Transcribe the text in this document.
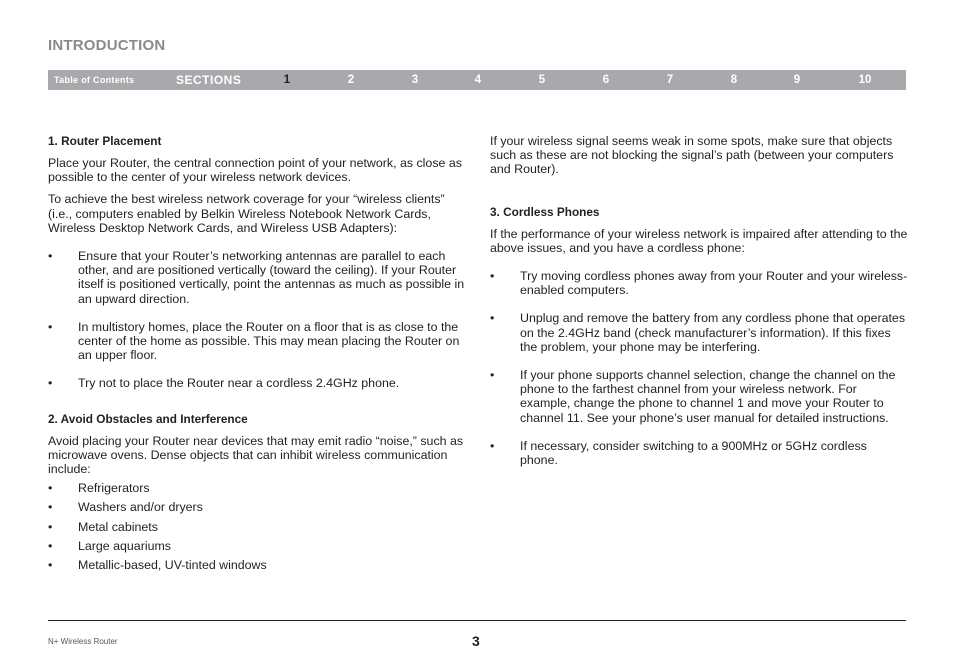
INTRODUCTION
Table of Contents	SECTIONS	1	2	3	4	5	6	7	8	9	10
1. Router Placement

Place your Router, the central connection point of your network, as close as possible to the center of your wireless network devices.

To achieve the best wireless network coverage for your “wireless clients” (i.e., computers enabled by Belkin Wireless Notebook Network Cards, Wireless Desktop Network Cards, and Wireless USB Adapters):

• Ensure that your Router’s networking antennas are parallel to each other, and are positioned vertically (toward the ceiling). If your Router itself is positioned vertically, point the antennas as much as possible in an upward direction.
• In multistory homes, place the Router on a floor that is as close to the center of the home as possible. This may mean placing the Router on an upper floor.
• Try not to place the Router near a cordless 2.4GHz phone.
2. Avoid Obstacles and Interference

Avoid placing your Router near devices that may emit radio “noise,” such as microwave ovens. Dense objects that can inhibit wireless communication include:

• Refrigerators
• Washers and/or dryers
• Metal cabinets
• Large aquariums
• Metallic-based, UV-tinted windows

If your wireless signal seems weak in some spots, make sure that objects such as these are not blocking the signal’s path (between your computers and Router).

3. Cordless Phones

If the performance of your wireless network is impaired after attending to the above issues, and you have a cordless phone:

• Try moving cordless phones away from your Router and your wireless-enabled computers.
• Unplug and remove the battery from any cordless phone that operates on the 2.4GHz band (check manufacturer’s information). If this fixes the problem, your phone may be interfering.
• If your phone supports channel selection, change the channel on the phone to the farthest channel from your wireless network. For example, change the phone to channel 1 and move your Router to channel 11. See your phone’s user manual for detailed instructions.
• If necessary, consider switching to a 900MHz or 5GHz cordless phone.
N+ Wireless Router	3
